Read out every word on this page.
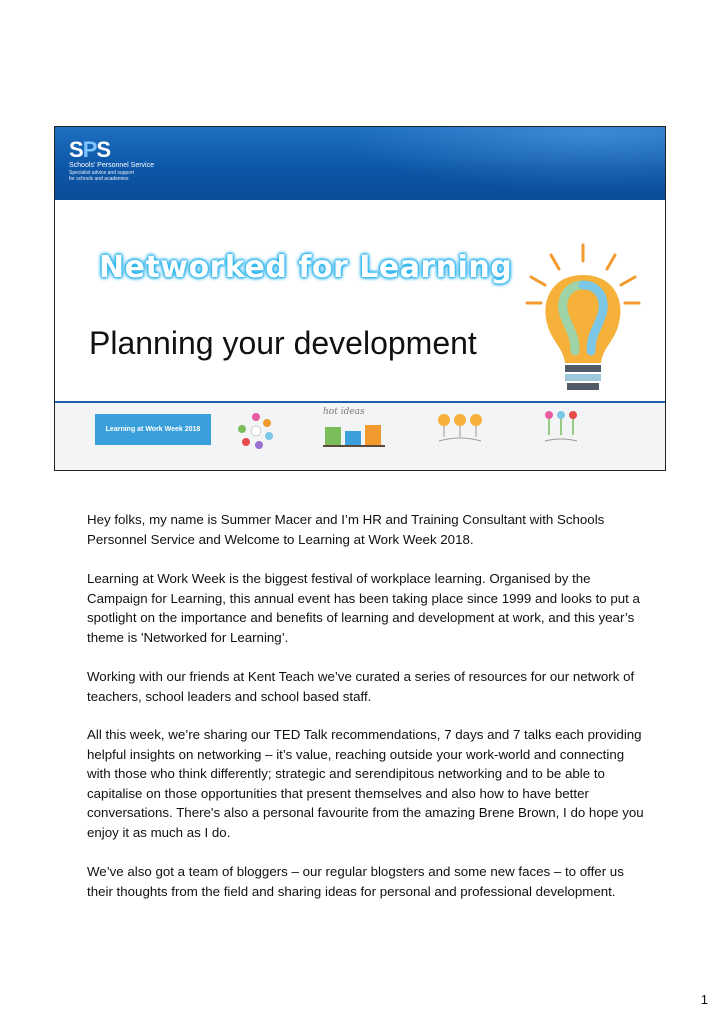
SPS
Schools' Personnel Service
Specialist advice and support
for schools and academies
Networked for Learning
Planning your development
Learning at Work Week 2018
hot ideas

Hey folks, my name is Summer Macer and I’m HR and Training Consultant with Schools Personnel Service and Welcome to Learning at Work Week 2018.

Learning at Work Week is the biggest festival of workplace learning. Organised by the Campaign for Learning, this annual event has been taking place since 1999 and looks to put a spotlight on the importance and benefits of learning and development at work, and this year’s theme is 'Networked for Learning’.

Working with our friends at Kent Teach we’ve curated a series of resources for our network of teachers, school leaders and school based staff.

All this week, we’re sharing our TED Talk recommendations, 7 days and 7 talks each providing helpful insights on networking – it’s value, reaching outside your work-world and connecting with those who think differently; strategic and serendipitous networking and to be able to capitalise on those opportunities that present themselves and also how to have better conversations. There's also a personal favourite from the amazing Brene Brown, I do hope you enjoy it as much as I do.

We’ve also got a team of bloggers – our regular blogsters and some new faces – to offer us their thoughts from the field and sharing ideas for personal and professional development.

1
